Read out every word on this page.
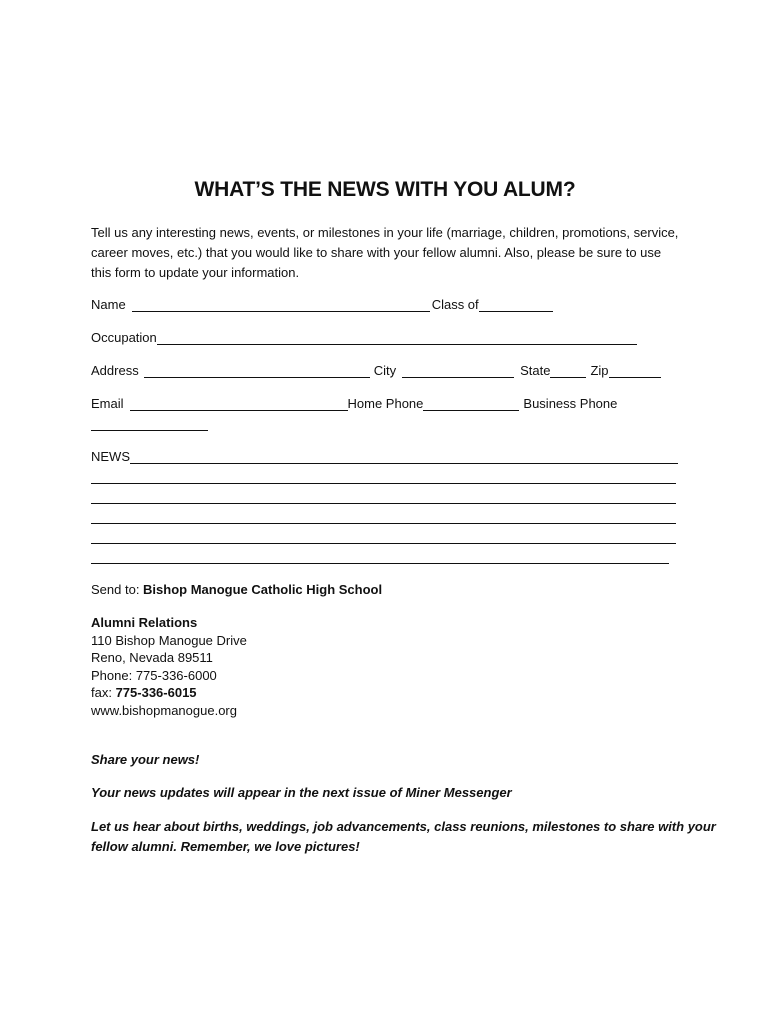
WHAT’S THE NEWS WITH YOU ALUM?
Tell us any interesting news, events, or milestones in your life (marriage, children, promotions, service, career moves, etc.) that you would like to share with your fellow alumni. Also, please be sure to use this form to update your information.
Name	Class of
Occupation
Address	City	State	Zip
Email	Home Phone	Business Phone
NEWS
Send to: Bishop Manogue Catholic High School
Alumni Relations
110 Bishop Manogue Drive
Reno, Nevada 89511
Phone: 775-336-6000
fax: 775-336-6015
www.bishopmanogue.org
Share your news!
Your news updates will appear in the next issue of Miner Messenger
Let us hear about births, weddings, job advancements, class reunions, milestones to share with your
fellow alumni. Remember, we love pictures!
